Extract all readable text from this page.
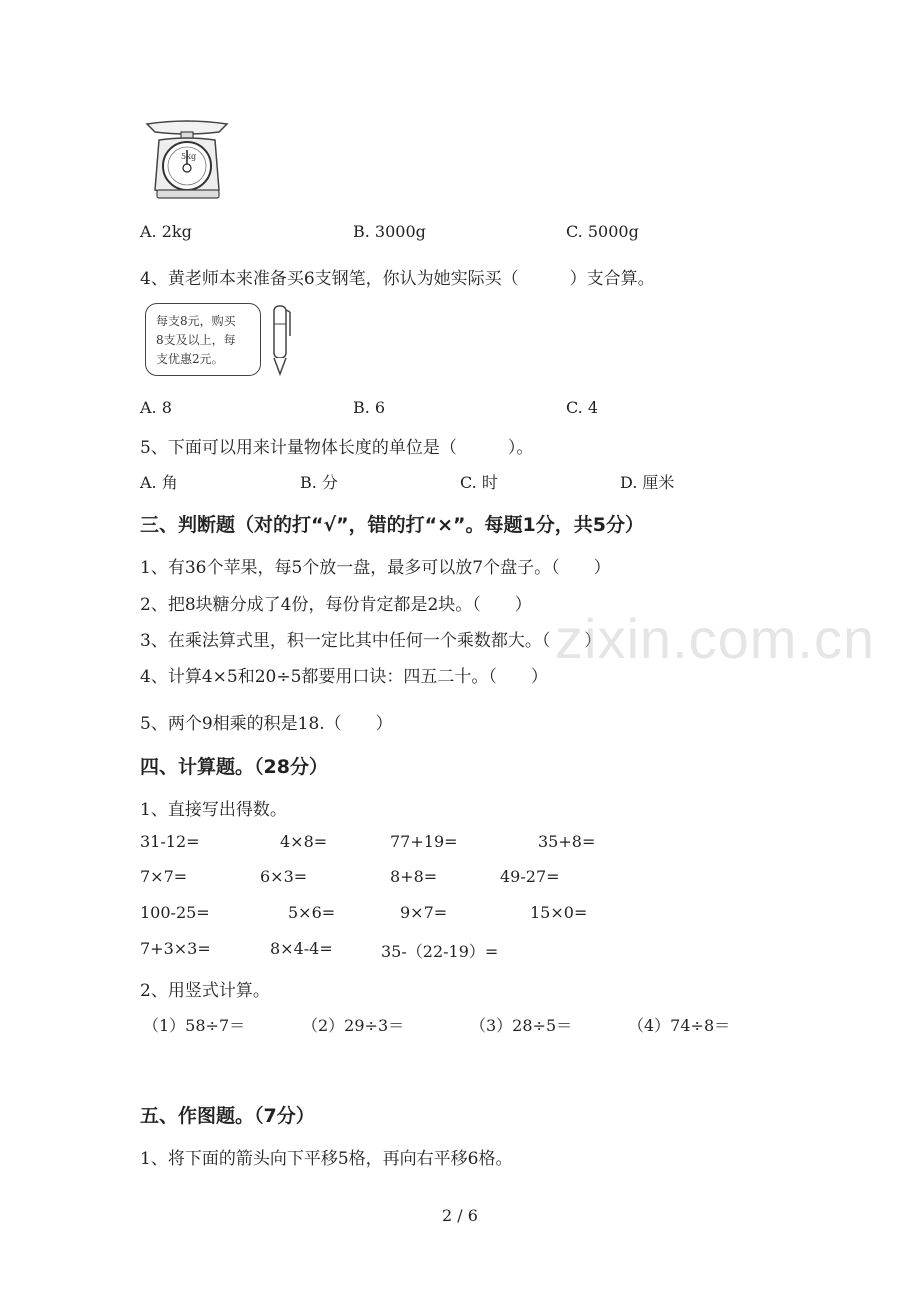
5kg
A. 2kg	B. 3000g	C. 5000g
4、黄老师本来准备买6支钢笔，你认为她实际买（　　　）支合算。
每支8元，购买
8支及以上，每
支优惠2元。
A. 8	B. 6	C. 4
5、下面可以用来计量物体长度的单位是（　　　）。
A. 角	B. 分	C. 时	D. 厘米
三、判断题（对的打“√”，错的打“×”。每题1分，共5分）
1、有36个苹果，每5个放一盘，最多可以放7个盘子。（　　）
2、把8块糖分成了4份，每份肯定都是2块。（　　）
3、在乘法算式里，积一定比其中任何一个乘数都大。（　　）
4、计算4×5和20÷5都要用口诀：四五二十。（　　）
5、两个9相乘的积是18.（　　）
四、计算题。（28分）
1、直接写出得数。
31-12=	4×8=	77+19=	35+8=
7×7=	6×3=	8+8=	49-27=
100-25=	5×6=	9×7=	15×0=
7+3×3=	8×4-4=	35-（22-19）=
2、用竖式计算。
（1）58÷7＝	（2）29÷3＝	（3）28÷5＝	（4）74÷8＝
五、作图题。（7分）
1、将下面的箭头向下平移5格，再向右平移6格。
zixin.com.cn
2 / 6
